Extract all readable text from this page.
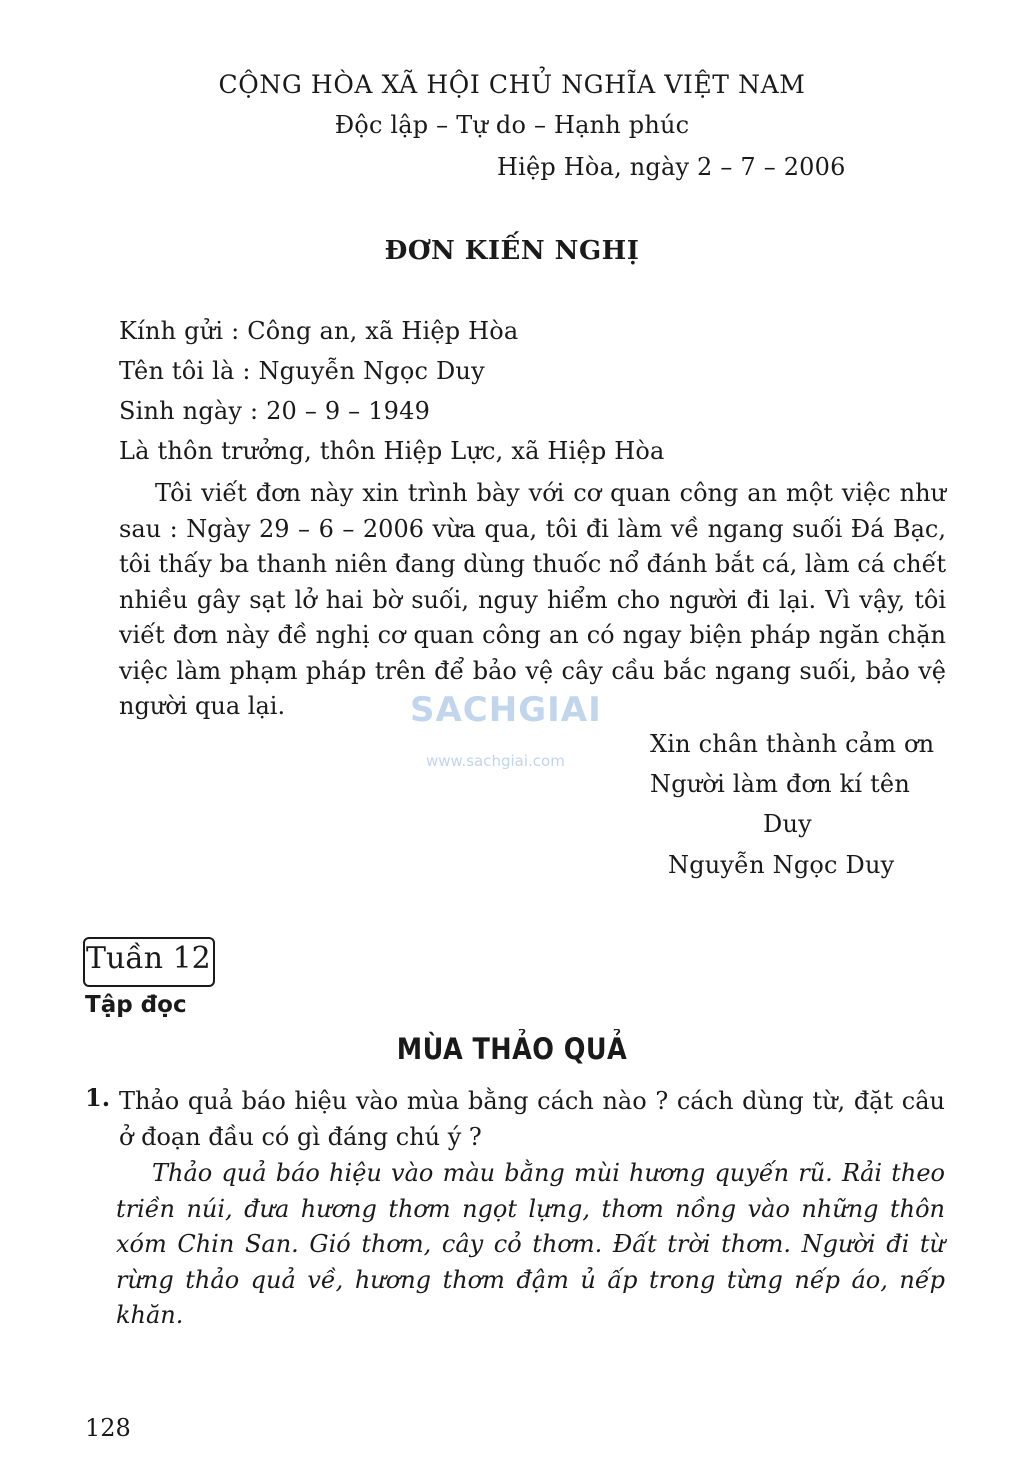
CỘNG HÒA XÃ HỘI CHỦ NGHĨA VIỆT NAM
Độc lập – Tự do – Hạnh phúc
Hiệp Hòa, ngày 2 – 7 – 2006
ĐƠN KIẾN NGHỊ
Kính gửi : Công an, xã Hiệp Hòa
Tên tôi là : Nguyễn Ngọc Duy
Sinh ngày : 20 – 9 – 1949
Là thôn trưởng, thôn Hiệp Lực, xã Hiệp Hòa
Tôi viết đơn này xin trình bày với cơ quan công an một việc như sau : Ngày 29 – 6 – 2006 vừa qua, tôi đi làm về ngang suối Đá Bạc, tôi thấy ba thanh niên đang dùng thuốc nổ đánh bắt cá, làm cá chết nhiều gây sạt lở hai bờ suối, nguy hiểm cho người đi lại. Vì vậy, tôi viết đơn này đề nghị cơ quan công an có ngay biện pháp ngăn chặn việc làm phạm pháp trên để bảo vệ cây cầu bắc ngang suối, bảo vệ người qua lại.
Xin chân thành cảm ơn
Người làm đơn kí tên
Duy
Nguyễn Ngọc Duy
SACHGIAI
www.sachgiai.com
Tuần 12
Tập đọc
MÙA THẢO QUẢ
1. Thảo quả báo hiệu vào mùa bằng cách nào ? cách dùng từ, đặt câu ở đoạn đầu có gì đáng chú ý ?
Thảo quả báo hiệu vào màu bằng mùi hương quyến rũ. Rải theo triền núi, đưa hương thơm ngọt lựng, thơm nồng vào những thôn xóm Chin San. Gió thơm, cây cỏ thơm. Đất trời thơm. Người đi từ rừng thảo quả về, hương thơm đậm ủ ấp trong từng nếp áo, nếp khăn.
128
